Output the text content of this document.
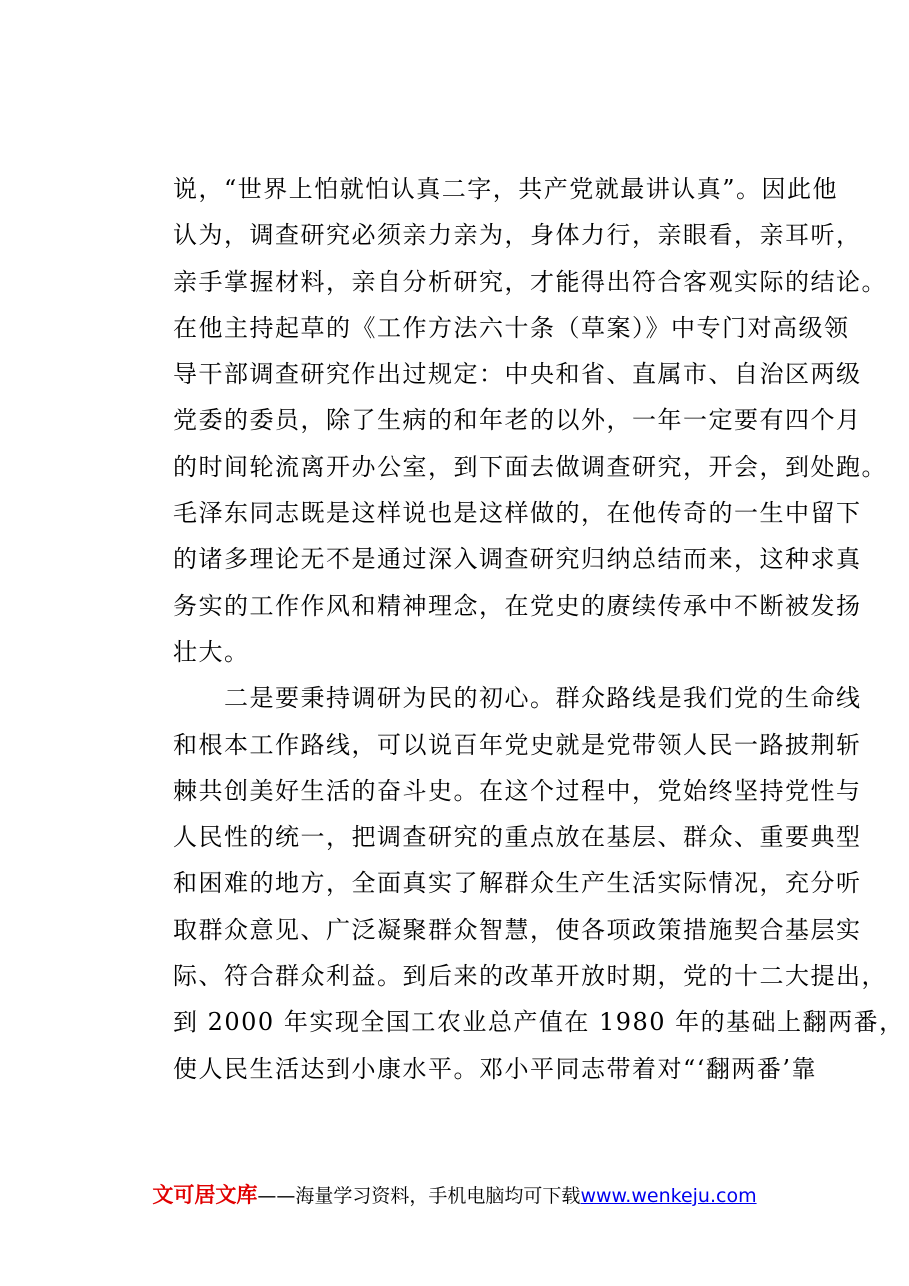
说，“世界上怕就怕认真二字，共产党就最讲认真”。因此他
认为，调查研究必须亲力亲为，身体力行，亲眼看，亲耳听，
亲手掌握材料，亲自分析研究，才能得出符合客观实际的结论。
在他主持起草的《工作方法六十条（草案）》中专门对高级领
导干部调查研究作出过规定：中央和省、直属市、自治区两级
党委的委员，除了生病的和年老的以外，一年一定要有四个月
的时间轮流离开办公室，到下面去做调查研究，开会，到处跑。
毛泽东同志既是这样说也是这样做的，在他传奇的一生中留下
的诸多理论无不是通过深入调查研究归纳总结而来，这种求真
务实的工作作风和精神理念，在党史的赓续传承中不断被发扬
壮大。
　　二是要秉持调研为民的初心。群众路线是我们党的生命线
和根本工作路线，可以说百年党史就是党带领人民一路披荆斩
棘共创美好生活的奋斗史。在这个过程中，党始终坚持党性与
人民性的统一，把调查研究的重点放在基层、群众、重要典型
和困难的地方，全面真实了解群众生产生活实际情况，充分听
取群众意见、广泛凝聚群众智慧，使各项政策措施契合基层实
际、符合群众利益。到后来的改革开放时期，党的十二大提出，
到 2000 年实现全国工农业总产值在 1980 年的基础上翻两番，
使人民生活达到小康水平。邓小平同志带着对“‘翻两番’靠
文可居文库——海量学习资料，手机电脑均可下载www.wenkeju.com
